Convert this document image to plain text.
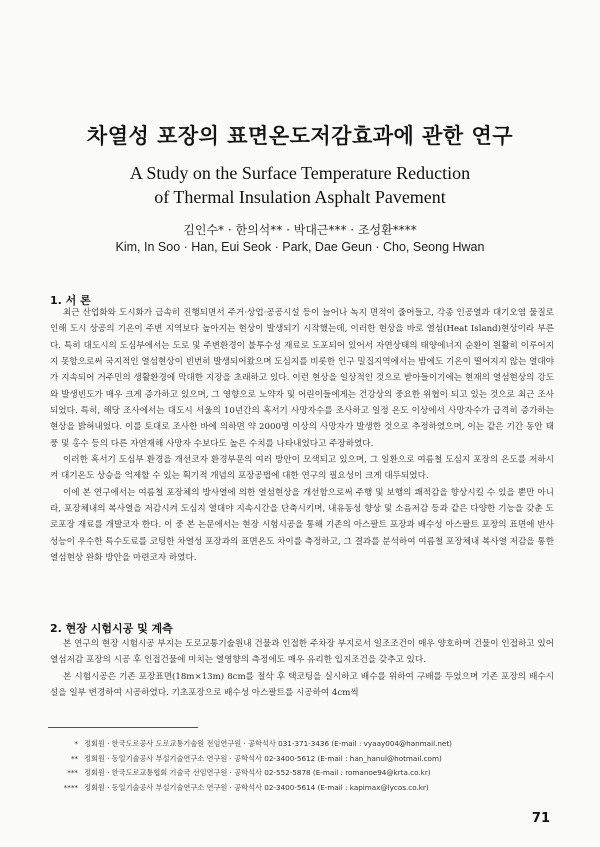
차열성 포장의 표면온도저감효과에 관한 연구
A Study on the Surface Temperature Reduction
of Thermal Insulation Asphalt Pavement
김인수* · 한의석** · 박대근*** · 조성환****
Kim, In Soo · Han, Eui Seok · Park, Dae Geun · Cho, Seong Hwan
1. 서 론

최근 산업화와 도시화가 급속히 진행되면서 주거·상업·공공시설 등이 늘어나 녹지 면적이 줄어들고, 각종 인공열과 대기오염 물질로 인해 도시 상공의 기온이 주변 지역보다 높아지는 현상이 발생되기 시작했는데, 이러한 현상을 바로 열섬(Heat Island)현상이라 부른다. 특히 대도시의 도심부에서는 도로 및 주변환경이 불투수성 재료로 도포되어 있어서 자연상태의 태양에너지 순환이 원활히 이루어지지 못함으로써 국지적인 열섬현상이 빈번히 발생되어왔으며 도심지를 비롯한 인구 밀집지역에서는 밤에도 기온이 떨어지지 않는 열대야가 지속되어 거주민의 생활환경에 막대한 지장을 초래하고 있다. 이런 현상을 일상적인 것으로 받아들이기에는 현재의 열섬현상의 강도와 발생빈도가 매우 크게 증가하고 있으며, 그 영향으로 노약자 및 어린이들에게는 건강상의 중요한 위협이 되고 있는 것으로 최근 조사되었다. 특히, 해당 조사에서는 대도시 서울의 10년간의 혹서기 사망자수를 조사하고 일정 온도 이상에서 사망자수가 급격히 증가하는 현상을 밝혀내었다. 이를 토대로 조사한 바에 의하면 약 2000명 이상의 사망자가 발생한 것으로 추정하였으며, 이는 같은 기간 동안 태풍 및 홍수 등의 다른 자연재해 사망자 수보다도 높은 수치를 나타내었다고 주장하였다.

이러한 혹서기 도심부 환경을 개선코자 환경부문의 여러 방안이 모색되고 있으며, 그 일환으로 여름철 도심지 포장의 온도를 저하시켜 대기온도 상승을 억제할 수 있는 획기적 개념의 포장공법에 대한 연구의 필요성이 크게 대두되었다.

이에 본 연구에서는 여름철 포장체의 방사열에 의한 열섬현상을 개선함으로써 주행 및 보행의 쾌적감을 향상시킬 수 있을 뿐만 아니라, 포장체내의 복사열을 저감시켜 도심지 열대야 지속시간을 단축시키며, 내유동성 향상 및 소음저감 등과 같은 다양한 기능을 갖춘 도로포장 재료를 개발코자 한다. 이 중 본 논문에서는 현장 시험시공을 통해 기존의 아스팔트 포장과 배수성 아스팔트 포장의 표면에 반사성능이 우수한 특수도료를 코팅한 차열성 포장과의 표면온도 차이를 측정하고, 그 결과를 분석하여 여름철 포장체내 복사열 저감을 통한 열섬현상 완화 방안을 마련코자 하였다.

2. 현장 시험시공 및 계측

본 연구의 현장 시험시공 부지는 도로교통기술원내 건물과 인접한 주차장 부지로서 일조조건이 매우 양호하며 건물이 인접하고 있어 열섬저감 포장의 시공 후 인접건물에 미치는 열영향의 측정에도 매우 유리한 입지조건을 갖추고 있다.

본 시험시공은 기존 포장표면(18m×13m) 8cm를 절삭 후 택코팅을 실시하고 배수를 위하여 구배를 두었으며 기존 포장의 배수시설을 일부 변경하여 시공하였다. 기초포장으로 배수성 아스팔트를 시공하여 4cm씩

* 정회원 · 한국도로공사 도로교통기술원 전임연구원 · 공학석사 031-371-3436 (E-mail : vyaay004@hanmail.net)
** 정회원 · 동일기술공사 부설기술연구소 연구원 · 공학석사 02-3400-5612 (E-mail : han_hanul@hotmail.com)
*** 정회원 · 한국도로교통협회 기술국 선임연구원 · 공학석사 02-552-5878 (E-mail : romanoe94@krta.co.kr)
**** 정회원 · 동일기술공사 부설기술연구소 연구원 · 공학석사 02-3400-5614 (E-mail : kapimax@lycos.co.kr)
71
